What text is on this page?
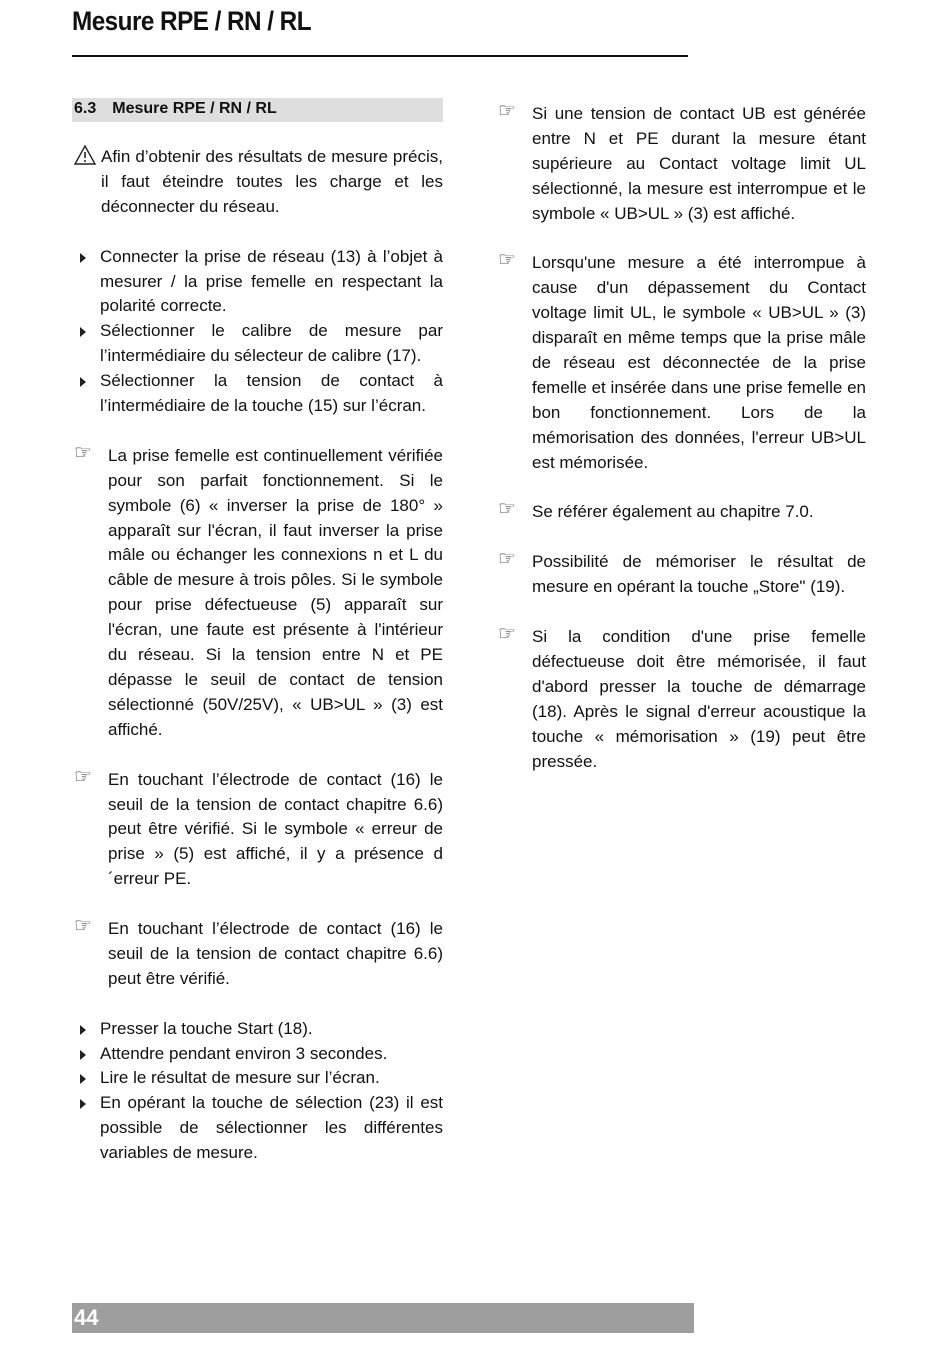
Mesure RPE / RN / RL
6.3 Mesure RPE / RN / RL

Afin d’obtenir des résultats de mesure précis, il faut éteindre toutes les charge et les déconnecter du réseau.

Connecter la prise de réseau (13) à l’objet à mesurer / la prise femelle en respectant la polarité correcte.

Sélectionner le calibre de mesure par l’intermédiaire du sélecteur de calibre (17).

Sélectionner la tension de contact à l’intermédiaire de la touche (15) sur l’écran.

☞ La prise femelle est continuellement vérifiée pour son parfait fonctionnement. Si le symbole (6) « inverser la prise de 180° » apparaît sur l'écran, il faut inverser la prise mâle ou échanger les connexions n et L du câble de mesure à trois pôles. Si le symbole pour prise défectueuse (5) apparaît sur l'écran, une faute est présente à l'intérieur du réseau. Si la tension entre N et PE dépasse le seuil de contact de tension sélectionné (50V/25V), « UB>UL » (3) est affiché.

☞ En touchant l’électrode de contact (16) le seuil de la tension de contact chapitre 6.6) peut être vérifié. Si le symbole « erreur de prise » (5) est affiché, il y a présence d´erreur PE.

☞ En touchant l’électrode de contact (16) le seuil de la tension de contact chapitre 6.6) peut être vérifié.

Presser la touche Start (18).

Attendre pendant environ 3 secondes.

Lire le résultat de mesure sur l’écran.

En opérant la touche de sélection (23) il est possible de sélectionner les différentes variables de mesure.

☞ Si une tension de contact UB est générée entre N et PE durant la mesure étant supérieure au Contact voltage limit UL sélectionné, la mesure est interrompue et le symbole « UB>UL » (3) est affiché.

☞ Lorsqu'une mesure a été interrompue à cause d'un dépassement du Contact voltage limit UL, le symbole « UB>UL » (3) disparaît en même temps que la prise mâle de réseau est déconnectée de la prise femelle et insérée dans une prise femelle en bon fonctionnement. Lors de la mémorisation des données, l'erreur UB>UL est mémorisée.

☞ Se référer également au chapitre 7.0.

☞ Possibilité de mémoriser le résultat de mesure en opérant la touche „Store" (19).

☞ Si la condition d'une prise femelle défectueuse doit être mémorisée, il faut d'abord presser la touche de démarrage (18). Après le signal d'erreur acoustique la touche « mémorisation » (19) peut être pressée.

44
